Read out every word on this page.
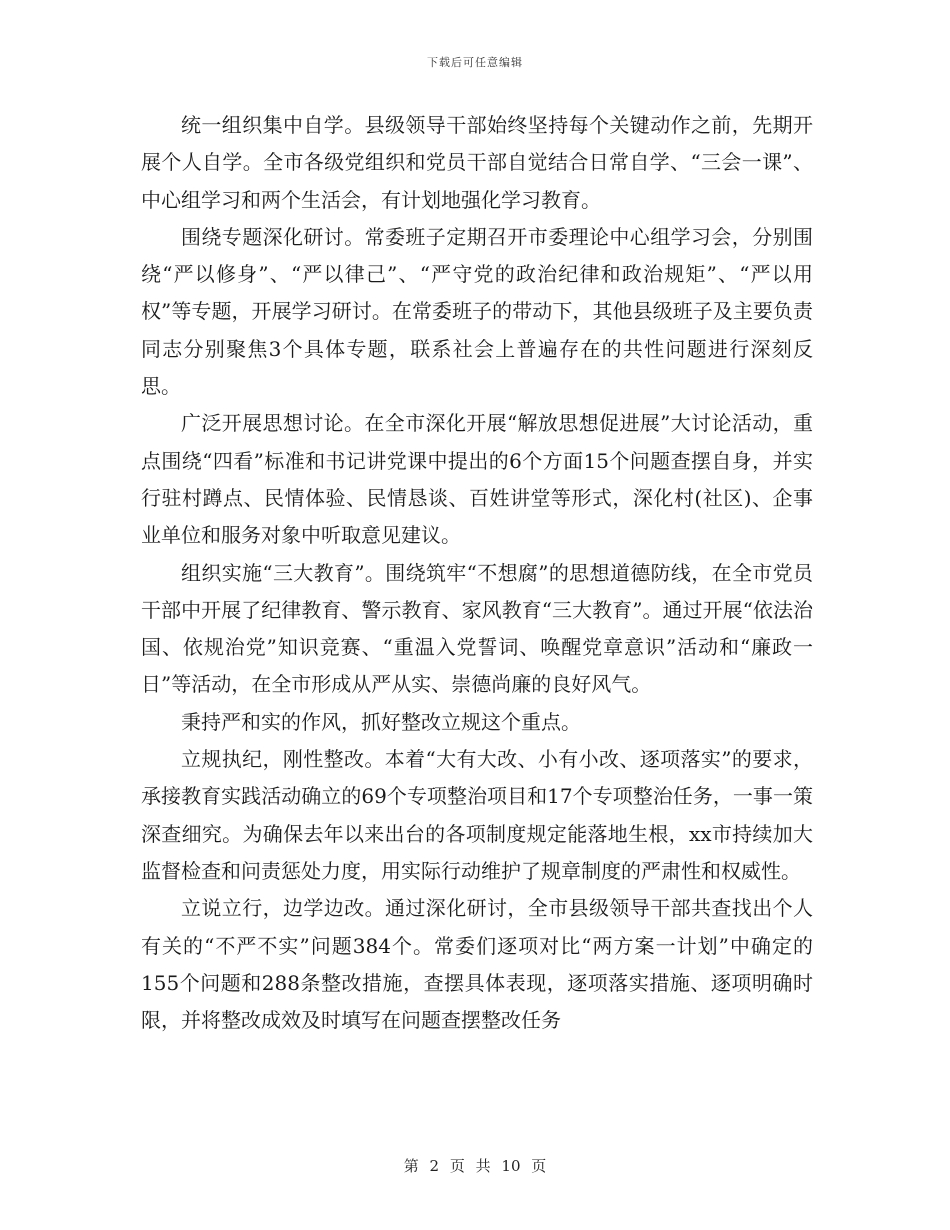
下载后可任意编辑

统一组织集中自学。县级领导干部始终坚持每个关键动作之前，先期开展个人自学。全市各级党组织和党员干部自觉结合日常自学、“三会一课”、中心组学习和两个生活会，有计划地强化学习教育。

围绕专题深化研讨。常委班子定期召开市委理论中心组学习会，分别围绕“严以修身”、“严以律己”、“严守党的政治纪律和政治规矩”、“严以用权”等专题，开展学习研讨。在常委班子的带动下，其他县级班子及主要负责同志分别聚焦3个具体专题，联系社会上普遍存在的共性问题进行深刻反思。

广泛开展思想讨论。在全市深化开展“解放思想促进展”大讨论活动，重点围绕“四看”标准和书记讲党课中提出的6个方面15个问题查摆自身，并实行驻村蹲点、民情体验、民情恳谈、百姓讲堂等形式，深化村(社区)、企事业单位和服务对象中听取意见建议。

组织实施“三大教育”。围绕筑牢“不想腐”的思想道德防线，在全市党员干部中开展了纪律教育、警示教育、家风教育“三大教育”。通过开展“依法治国、依规治党”知识竞赛、“重温入党誓词、唤醒党章意识”活动和“廉政一日”等活动，在全市形成从严从实、崇德尚廉的良好风气。

秉持严和实的作风，抓好整改立规这个重点。

立规执纪，刚性整改。本着“大有大改、小有小改、逐项落实”的要求，承接教育实践活动确立的69个专项整治项目和17个专项整治任务，一事一策深查细究。为确保去年以来出台的各项制度规定能落地生根，xx市持续加大监督检查和问责惩处力度，用实际行动维护了规章制度的严肃性和权威性。

立说立行，边学边改。通过深化研讨，全市县级领导干部共查找出个人有关的“不严不实”问题384个。常委们逐项对比“两方案一计划”中确定的155个问题和288条整改措施，查摆具体表现，逐项落实措施、逐项明确时限，并将整改成效及时填写在问题查摆整改任务

第 2 页 共 10 页
